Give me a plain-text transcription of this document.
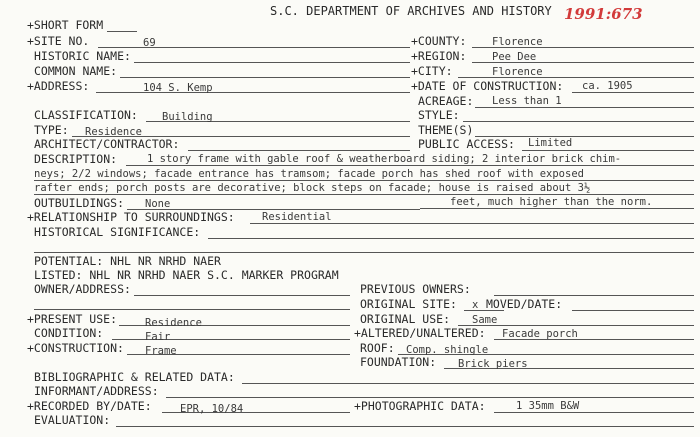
+SHORT FORM
S.C. DEPARTMENT OF ARCHIVES AND HISTORY 1991:673
+SITE NO.	69
HISTORIC NAME:
COMMON NAME:
+ADDRESS:	104 S. Kemp
+COUNTY: Florence
+REGION: Pee Dee
+CITY:	Florence
+DATE OF CONSTRUCTION: ca. 1905
ACREAGE: Less than 1
CLASSIFICATION: Building	STYLE:
TYPE: Residence	THEME(S)
ARCHITECT/CONTRACTOR:	PUBLIC ACCESS: Limited
DESCRIPTION:	1 story frame with gable roof & weatherboard siding; 2 interior brick chim-
neys; 2/2 windows; facade entrance has tramsom; facade porch has shed roof with exposed
rafter ends; porch posts are decorative; block steps on facade; house is raised about 3½
OUTBUILDINGS: None	feet, much higher than the norm.
+RELATIONSHIP TO SURROUNDINGS:	Residential
HISTORICAL SIGNIFICANCE:
POTENTIAL: NHL NR NRHD NAER
LISTED: NHL NR NRHD NAER S.C. MARKER PROGRAM
OWNER/ADDRESS:	PREVIOUS OWNERS:
ORIGINAL SITE: x MOVED/DATE:
+PRESENT USE:	Residence	ORIGINAL USE: Same
CONDITION:	Fair	+ALTERED/UNALTERED: Facade porch
+CONSTRUCTION: Frame	ROOF: Comp. shingle
FOUNDATION: Brick piers
BIBLIOGRAPHIC & RELATED DATA:
INFORMANT/ADDRESS:
+RECORDED BY/DATE:	EPR, 10/84	+PHOTOGRAPHIC DATA:	1 35mm B&W
EVALUATION:
